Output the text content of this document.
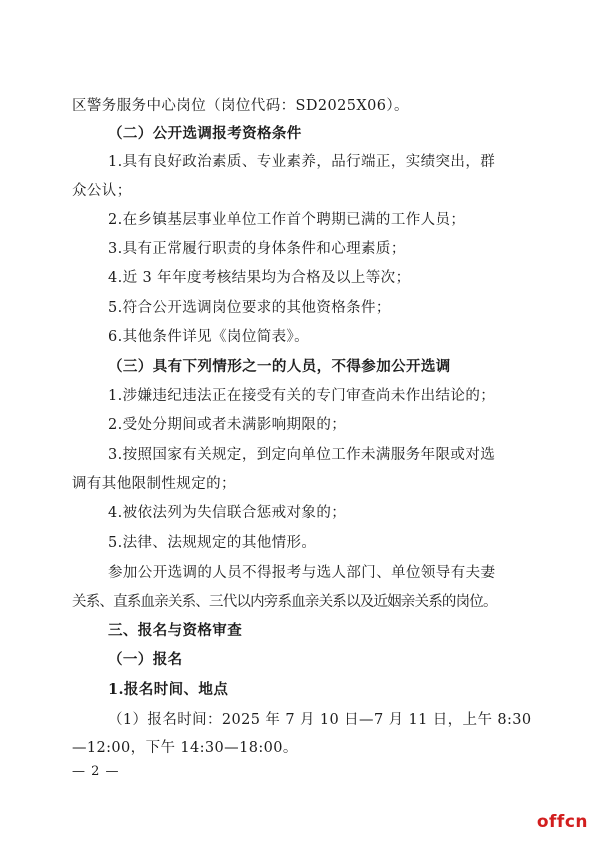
区警务服务中心岗位（岗位代码：SD2025X06）。
（二）公开选调报考资格条件
1.具有良好政治素质、专业素养，品行端正，实绩突出，群
众公认；
2.在乡镇基层事业单位工作首个聘期已满的工作人员；
3.具有正常履行职责的身体条件和心理素质；
4.近 3 年年度考核结果均为合格及以上等次；
5.符合公开选调岗位要求的其他资格条件；
6.其他条件详见《岗位简表》。
（三）具有下列情形之一的人员，不得参加公开选调
1.涉嫌违纪违法正在接受有关的专门审查尚未作出结论的；
2.受处分期间或者未满影响期限的；
3.按照国家有关规定，到定向单位工作未满服务年限或对选
调有其他限制性规定的；
4.被依法列为失信联合惩戒对象的；
5.法律、法规规定的其他情形。
参加公开选调的人员不得报考与选人部门、单位领导有夫妻
关系、直系血亲关系、三代以内旁系血亲关系以及近姻亲关系的岗位。
三、报名与资格审查
（一）报名
1.报名时间、地点
（1）报名时间：2025 年 7 月 10 日—7 月 11 日，上午 8:30
—12:00，下午 14:30—18:00。
— 2 —
offcn
